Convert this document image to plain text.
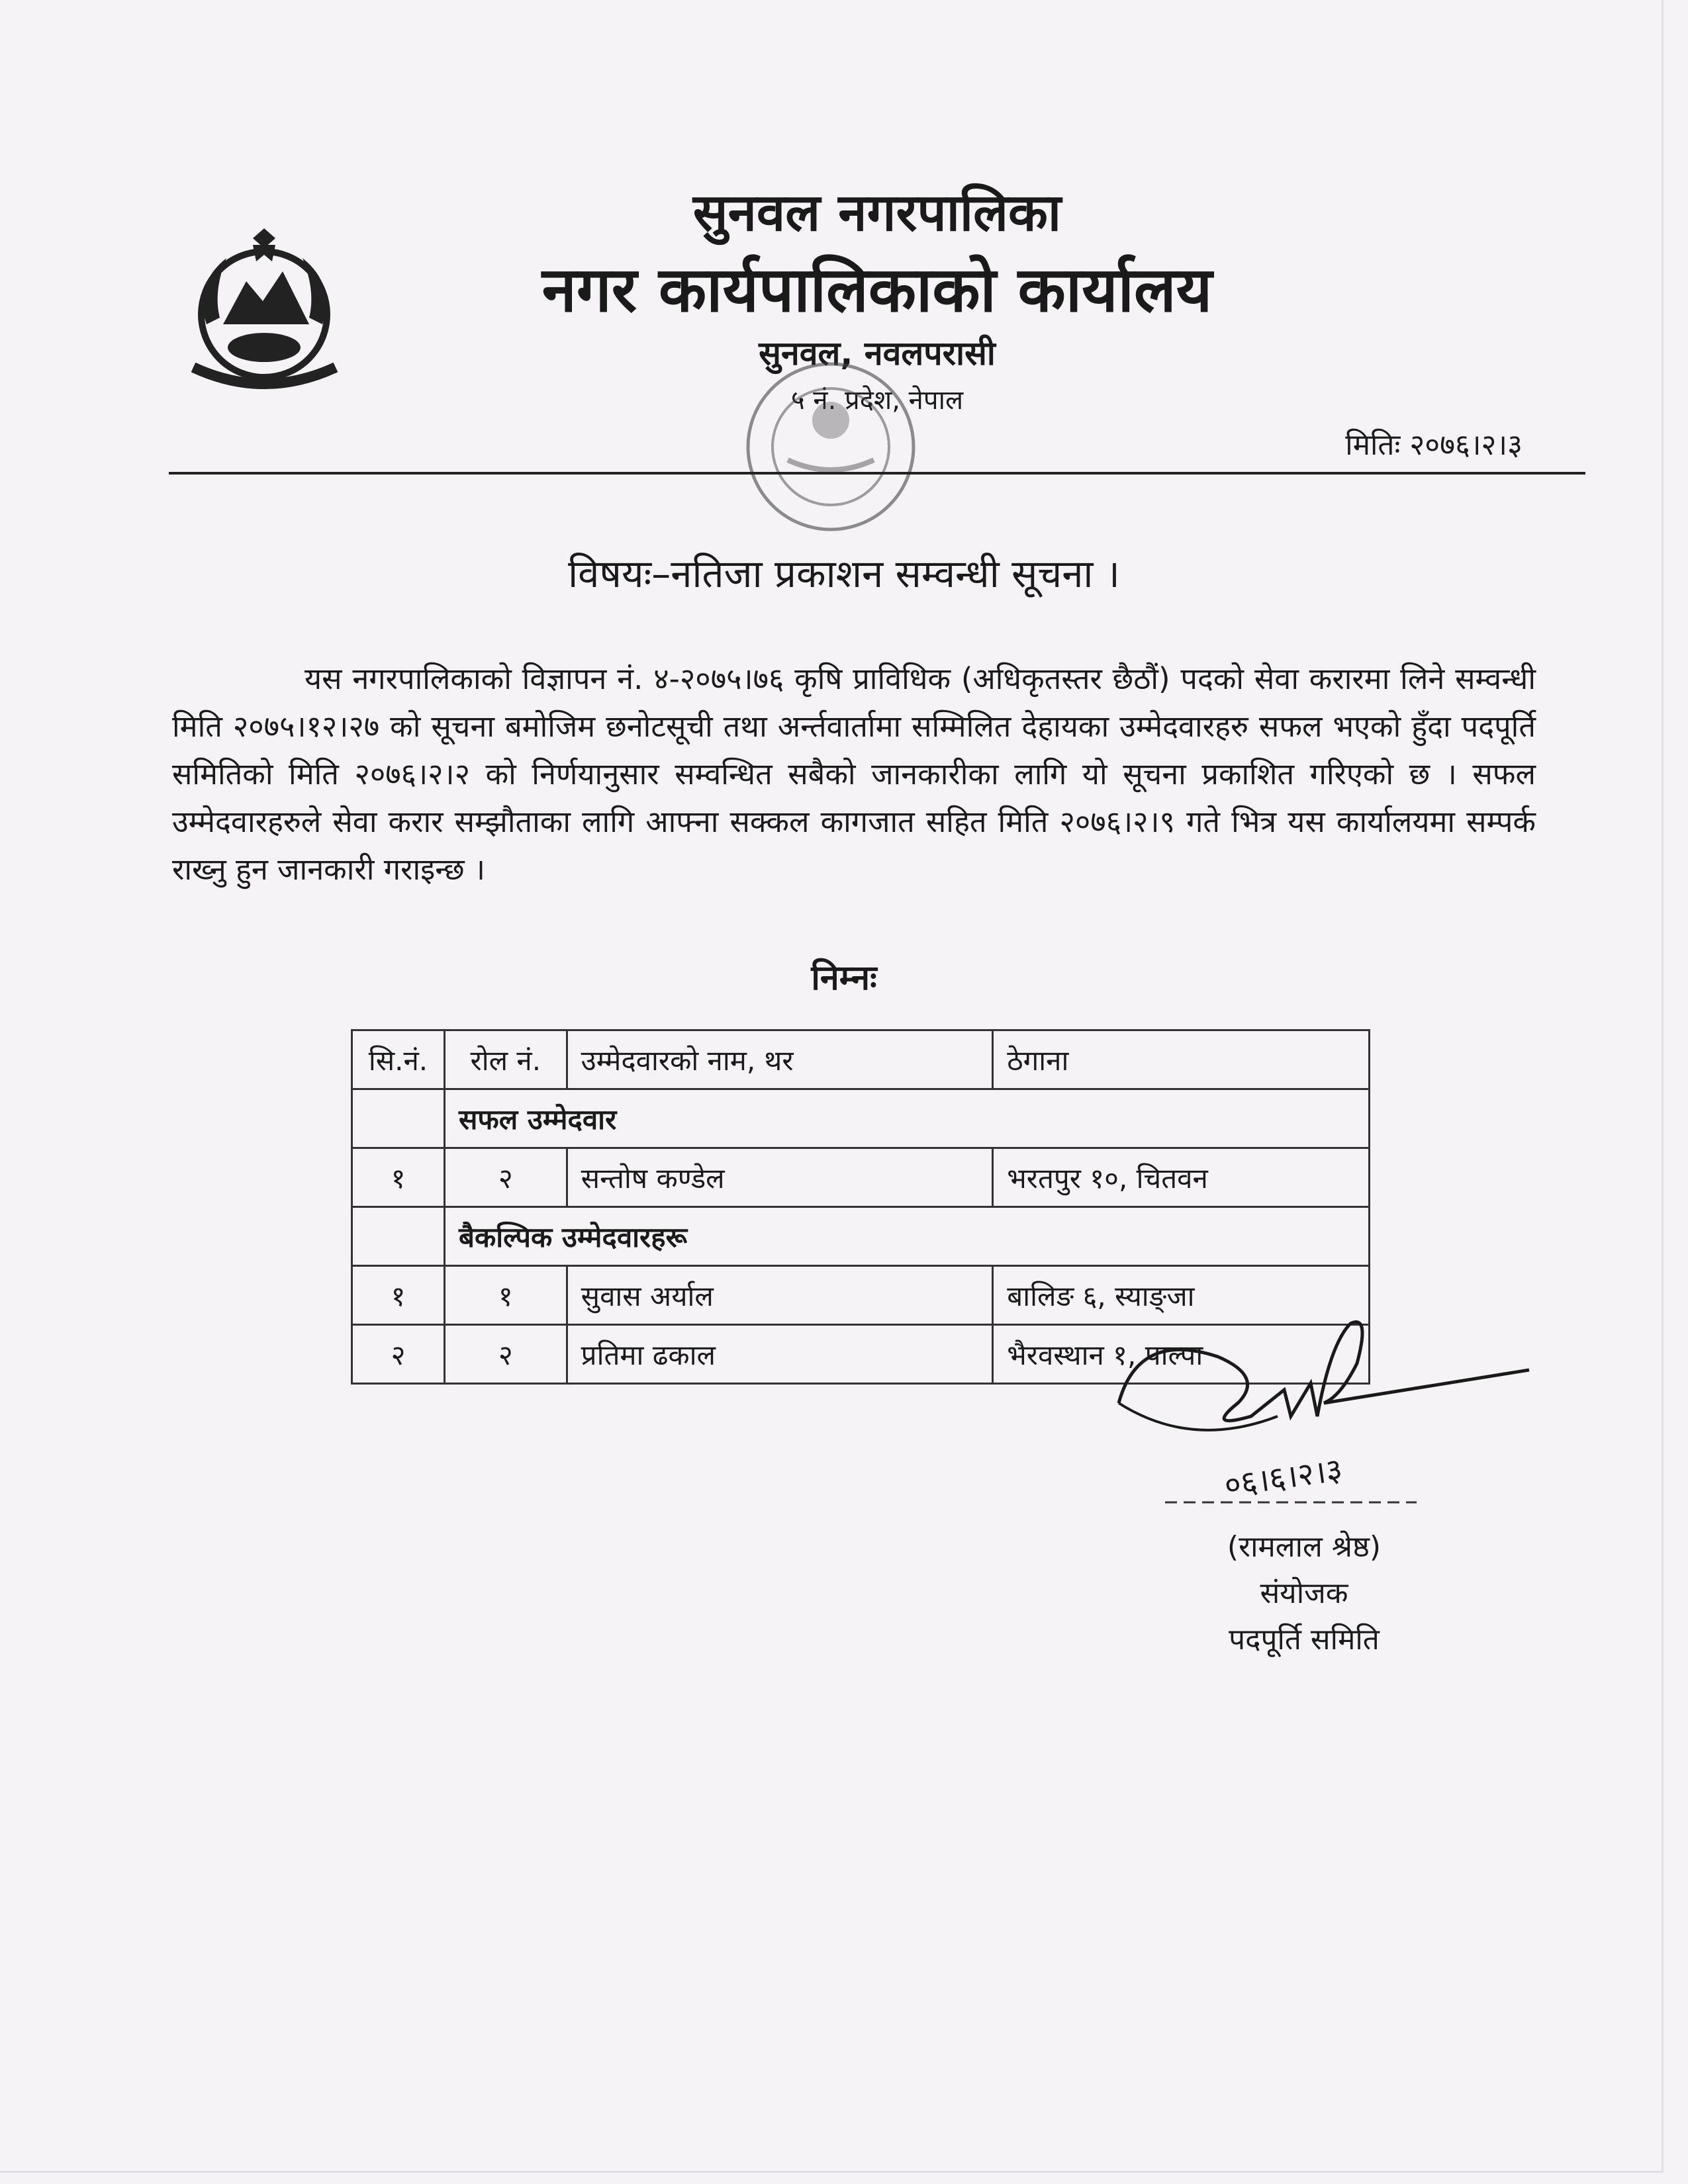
सुनवल नगरपालिका
नगर कार्यपालिकाको कार्यालय
सुनवल, नवलपरासी
५ नं. प्रदेश, नेपाल
मितिः २०७६।२।३
विषयः–नतिजा प्रकाशन सम्वन्धी सूचना ।
यस नगरपालिकाको विज्ञापन नं. ४-२०७५।७६ कृषि प्राविधिक (अधिकृतस्तर छैठौं) पदको सेवा करारमा लिने सम्वन्धी मिति २०७५।१२।२७ को सूचना बमोजिम छनोटसूची तथा अर्न्तवार्तामा सम्मिलित देहायका उम्मेदवारहरु सफल भएको हुँदा पदपूर्ति समितिको मिति २०७६।२।२ को निर्णयानुसार सम्वन्धित सबैको जानकारीका लागि यो सूचना प्रकाशित गरिएको छ । सफल उम्मेदवारहरुले सेवा करार सम्झौताका लागि आफ्ना सक्कल कागजात सहित मिति २०७६।२।९ गते भित्र यस कार्यालयमा सम्पर्क राख्नु हुन जानकारी गराइन्छ ।
निम्नः
सि.नं.	रोल नं.	उम्मेदवारको नाम, थर	ठेगाना
	सफल उम्मेदवार		
१	२	सन्तोष कण्डेल	भरतपुर १०, चितवन
	बैकल्पिक उम्मेदवारहरू		
१	१	सुवास अर्याल	बालिङ ६, स्याङ्जा
२	२	प्रतिमा ढकाल	भैरवस्थान १, पाल्पा
०६।६।२।३
(रामलाल श्रेष्ठ)
संयोजक
पदपूर्ति समिति
